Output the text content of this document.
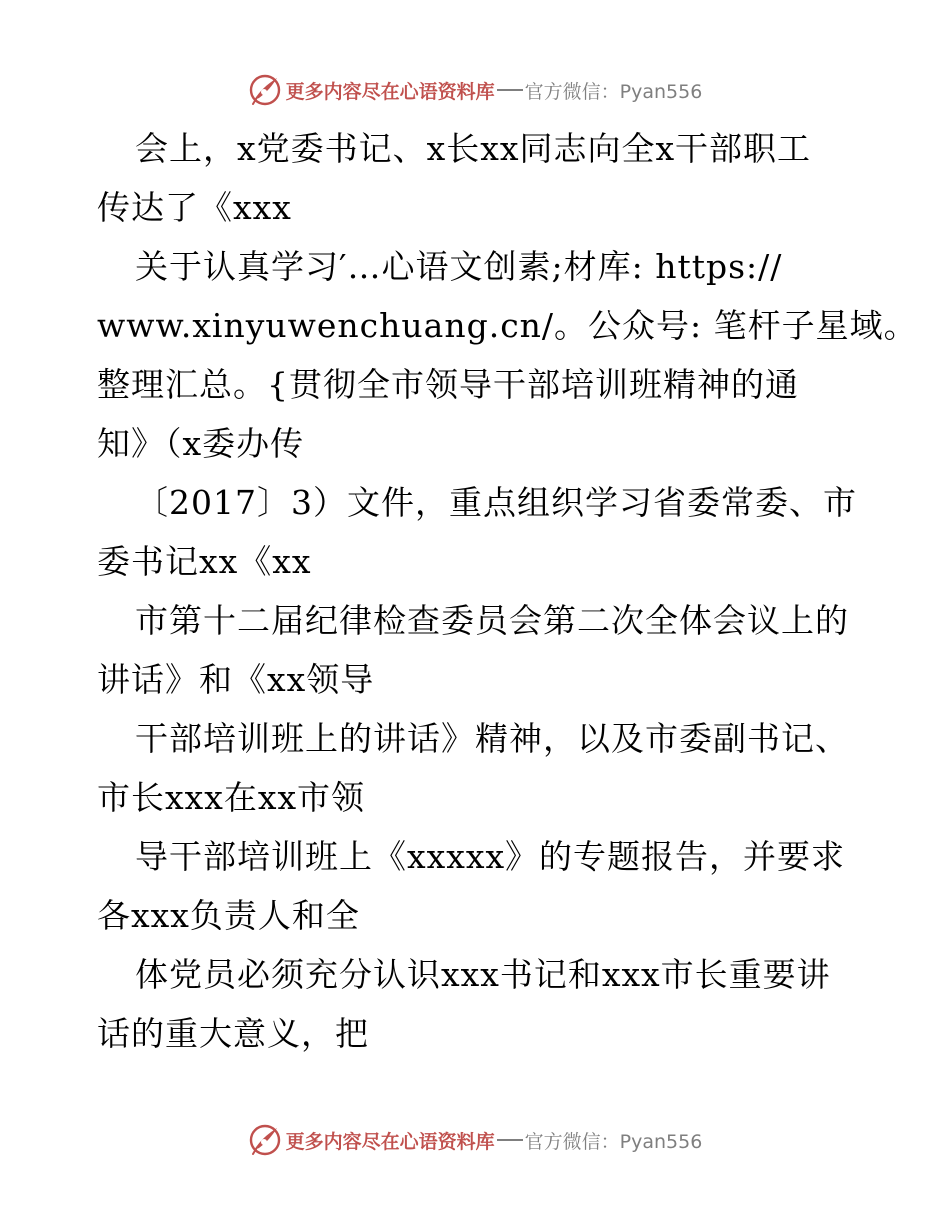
更多内容尽在心语资料库 官方微信：Pyan556
会上，x党委书记、x长xx同志向全x干部职工
传达了《xxx
关于认真学习′…心语文创素;材库: https://
www.xinyuwenchuang.cn/。公众号: 笔杆子星域。
整理汇总。{贯彻全市领导干部培训班精神的通
知》（x委办传
〔2017〕3）文件，重点组织学习省委常委、市
委书记xx《xx
市第十二届纪律检查委员会第二次全体会议上的
讲话》和《xx领导
干部培训班上的讲话》精神，以及市委副书记、
市长xxx在xx市领
导干部培训班上《xxxxx》的专题报告，并要求
各xxx负责人和全
体党员必须充分认识xxx书记和xxx市长重要讲
话的重大意义，把
更多内容尽在心语资料库 官方微信：Pyan556
